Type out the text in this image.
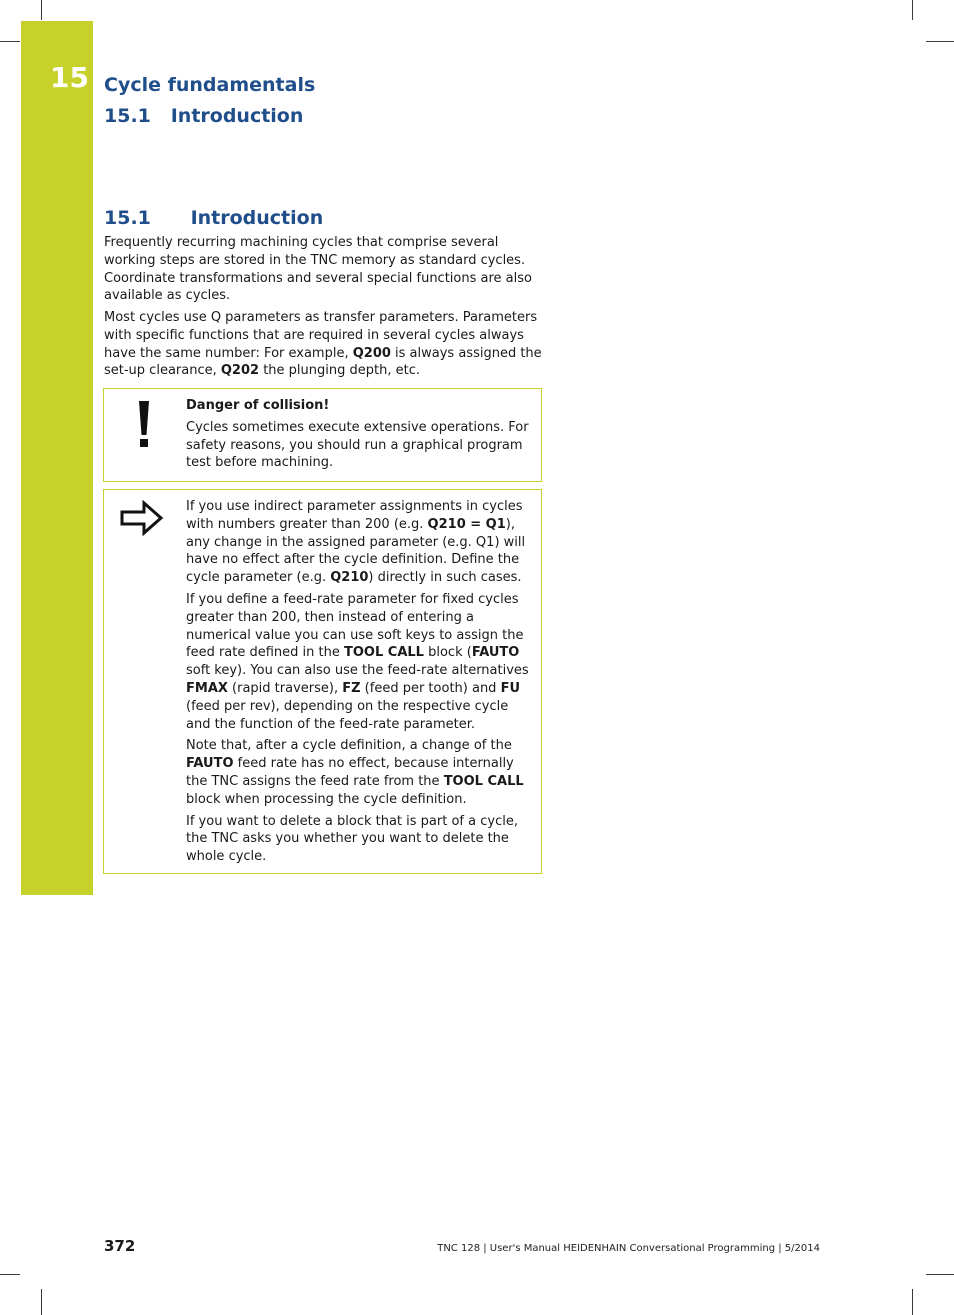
15 Cycle fundamentals
15.1   Introduction
15.1      Introduction

Frequently recurring machining cycles that comprise several working steps are stored in the TNC memory as standard cycles. Coordinate transformations and several special functions are also available as cycles.

Most cycles use Q parameters as transfer parameters. Parameters with specific functions that are required in several cycles always have the same number: For example, Q200 is always assigned the set-up clearance, Q202 the plunging depth, etc.

Danger of collision!

Cycles sometimes execute extensive operations. For safety reasons, you should run a graphical program test before machining.

If you use indirect parameter assignments in cycles with numbers greater than 200 (e.g. Q210 = Q1), any change in the assigned parameter (e.g. Q1) will have no effect after the cycle definition. Define the cycle parameter (e.g. Q210) directly in such cases.

If you define a feed-rate parameter for fixed cycles greater than 200, then instead of entering a numerical value you can use soft keys to assign the feed rate defined in the TOOL CALL block (FAUTO soft key). You can also use the feed-rate alternatives FMAX (rapid traverse), FZ (feed per tooth) and FU (feed per rev), depending on the respective cycle and the function of the feed-rate parameter.

Note that, after a cycle definition, a change of the FAUTO feed rate has no effect, because internally the TNC assigns the feed rate from the TOOL CALL block when processing the cycle definition.

If you want to delete a block that is part of a cycle, the TNC asks you whether you want to delete the whole cycle.

372	TNC 128 | User's Manual HEIDENHAIN Conversational Programming | 5/2014
